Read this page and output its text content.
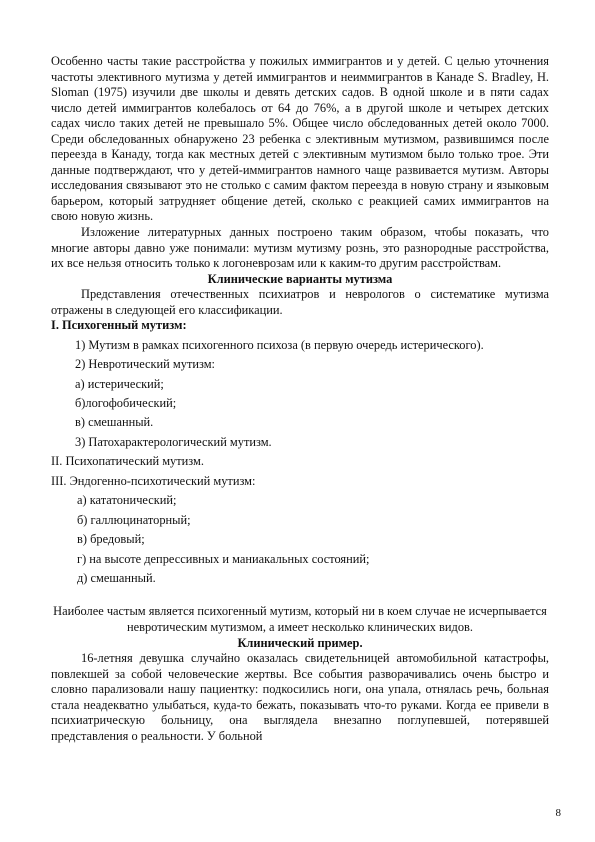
Особенно часты такие расстройства у пожилых иммигрантов и у детей. С целью уточнения частоты элективного мутизма у детей иммигрантов и неиммигрантов в Канаде S. Bradley, H. Sloman (1975) изучили две школы и девять детских садов. В одной школе и в пяти садах число детей иммигрантов колебалось от 64 до 76%, а в другой школе и четырех детских садах число таких детей не превышало 5%. Общее число обследованных детей около 7000. Среди обследованных обнаружено 23 ребенка с элективным мутизмом, развившимся после переезда в Канаду, тогда как местных детей с элективным мутизмом было только трое. Эти данные подтверждают, что у детей-иммигрантов намного чаще развивается мутизм. Авторы исследования связывают это не столько с самим фактом переезда в новую страну и языковым барьером, который затрудняет общение детей, сколько с реакцией самих иммигрантов на свою новую жизнь.

Изложение литературных данных построено таким образом, чтобы показать, что многие авторы давно уже понимали: мутизм мутизму рознь, это разнородные расстройства, их все нельзя относить только к логоневрозам или к каким-то другим расстройствам.

Клинические варианты мутизма

Представления отечественных психиатров и неврологов о систематике мутизма отражены в следующей его классификации.

I. Психогенный мутизм:

1) Мутизм в рамках психогенного психоза (в первую очередь истерического).

2) Невротический мутизм:

а) истерический;

б)логофобический;

в) смешанный.

3) Патохарактерологический мутизм.

II. Психопатический мутизм.

III. Эндогенно-психотический мутизм:

а) кататонический;

б) галлюцинаторный;

в) бредовый;

г) на высоте депрессивных и маниакальных состояний;

д) смешанный.

Наиболее частым является психогенный мутизм, который ни в коем случае не исчерпывается невротическим мутизмом, а имеет несколько клинических видов.

Клинический пример.

16-летняя девушка случайно оказалась свидетельницей автомобильной катастрофы, повлекшей за собой человеческие жертвы. Все события разворачивались очень быстро и словно парализовали нашу пациентку: подкосились ноги, она упала, отнялась речь, больная стала неадекватно улыбаться, куда-то бежать, показывать что-то руками. Когда ее привели в психиатрическую больницу, она выглядела внезапно поглупевшей, потерявшей представления о реальности. У больной

8
